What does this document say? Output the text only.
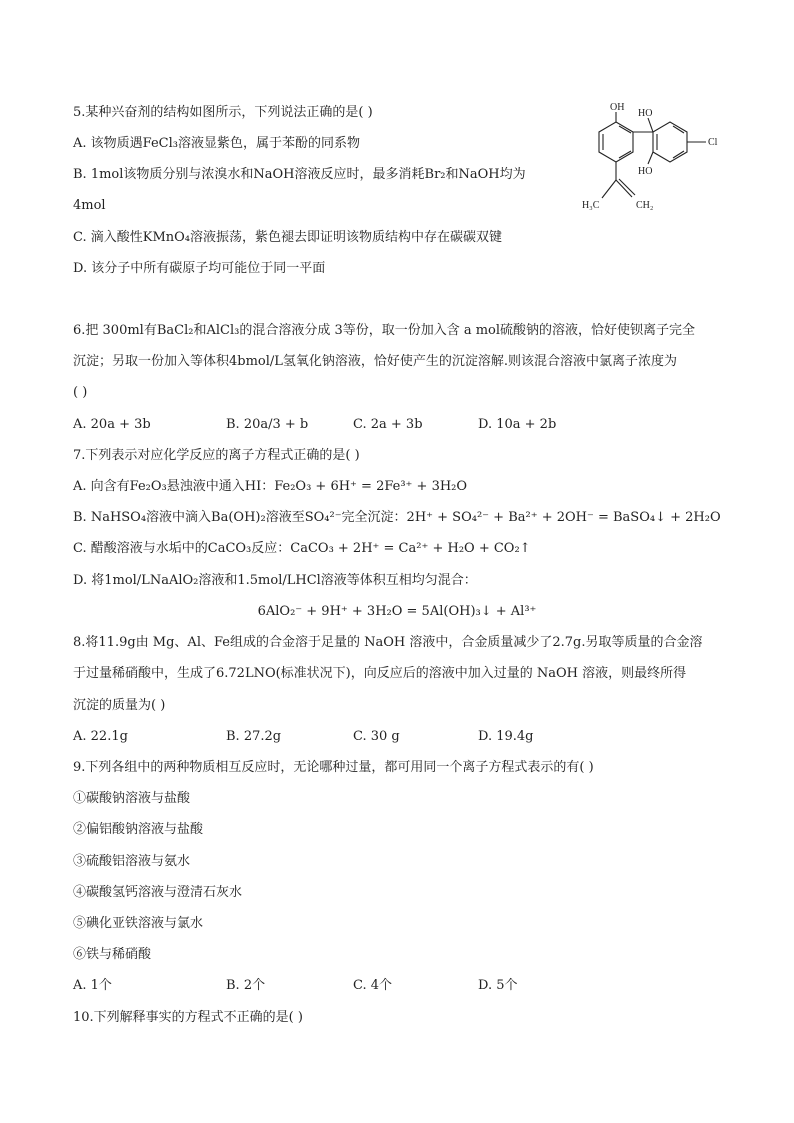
5.某种兴奋剂的结构如图所示，下列说法正确的是( )
A. 该物质遇FeCl₃溶液显紫色，属于苯酚的同系物
B. 1mol该物质分别与浓溴水和NaOH溶液反应时，最多消耗Br₂和NaOH均为
4mol
C. 滴入酸性KMnO₄溶液振荡，紫色褪去即证明该物质结构中存在碳碳双键
D. 该分子中所有碳原子均可能位于同一平面
OH
HO
HO
Cl
H₃C	CH₂
6.把 300ml有BaCl₂和AlCl₃的混合溶液分成 3等份，取一份加入含 a mol硫酸钠的溶液，恰好使钡离子完全
沉淀；另取一份加入等体积4bmol/L氢氧化钠溶液，恰好使产生的沉淀溶解.则该混合溶液中氯离子浓度为
( )
A. 20a + 3b	B. 20a/3 + b	C. 2a + 3b	D. 10a + 2b
7.下列表示对应化学反应的离子方程式正确的是( )
A. 向含有Fe₂O₃悬浊液中通入HI：Fe₂O₃ + 6H⁺ = 2Fe³⁺ + 3H₂O
B. NaHSO₄溶液中滴入Ba(OH)₂溶液至SO₄²⁻完全沉淀：2H⁺ + SO₄²⁻ + Ba²⁺ + 2OH⁻ = BaSO₄↓ + 2H₂O
C. 醋酸溶液与水垢中的CaCO₃反应：CaCO₃ + 2H⁺ = Ca²⁺ + H₂O + CO₂↑
D. 将1mol/LNaAlO₂溶液和1.5mol/LHCl溶液等体积互相均匀混合：
6AlO₂⁻ + 9H⁺ + 3H₂O = 5Al(OH)₃↓ + Al³⁺
8.将11.9g由 Mg、Al、Fe组成的合金溶于足量的 NaOH 溶液中，合金质量减少了2.7g.另取等质量的合金溶
于过量稀硝酸中，生成了6.72LNO(标准状况下)，向反应后的溶液中加入过量的 NaOH 溶液，则最终所得
沉淀的质量为( )
A. 22.1g	B. 27.2g	C. 30 g	D. 19.4g
9.下列各组中的两种物质相互反应时，无论哪种过量，都可用同一个离子方程式表示的有( )
①碳酸钠溶液与盐酸
②偏铝酸钠溶液与盐酸
③硫酸铝溶液与氨水
④碳酸氢钙溶液与澄清石灰水
⑤碘化亚铁溶液与氯水
⑥铁与稀硝酸
A. 1个	B. 2个	C. 4个	D. 5个
10.下列解释事实的方程式不正确的是( )
